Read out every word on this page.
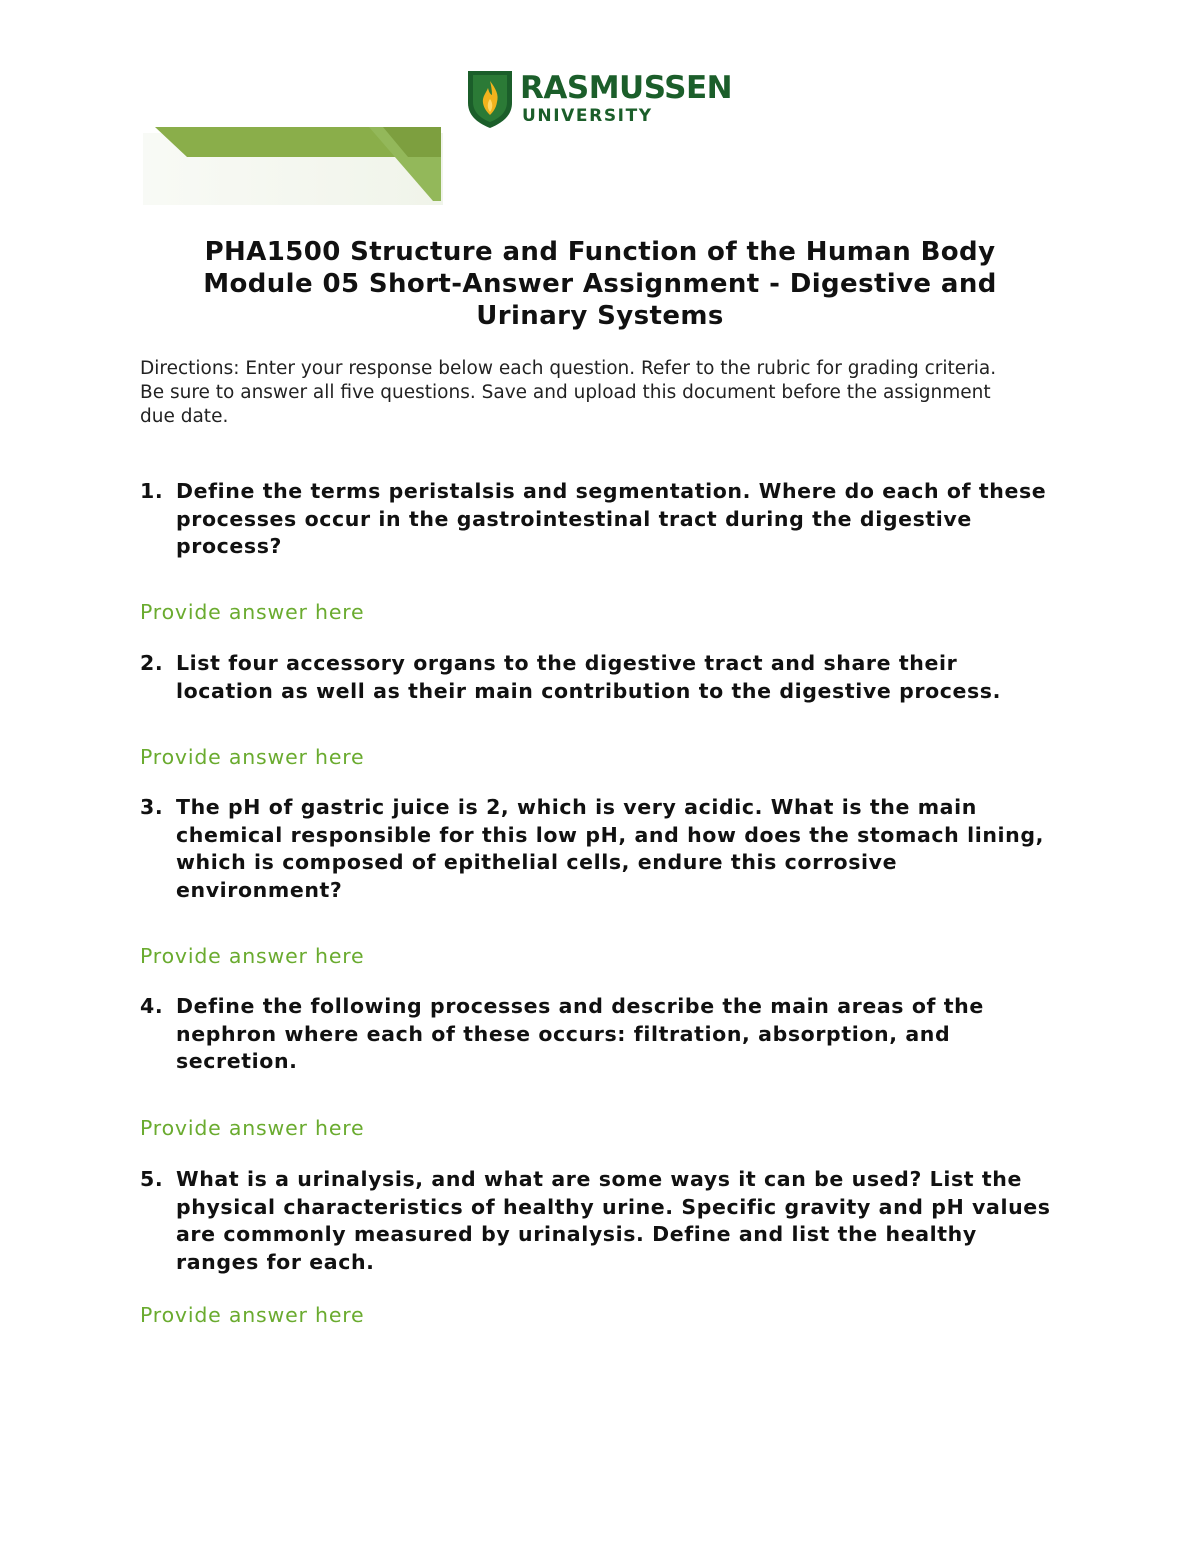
RASMUSSEN
UNIVERSITY
PHA1500 Structure and Function of the Human Body
Module 05 Short-Answer Assignment - Digestive and
Urinary Systems
Directions: Enter your response below each question. Refer to the rubric for grading criteria.
Be sure to answer all five questions. Save and upload this document before the assignment
due date.
1. Define the terms peristalsis and segmentation. Where do each of these
processes occur in the gastrointestinal tract during the digestive
process?
Provide answer here
2. List four accessory organs to the digestive tract and share their
location as well as their main contribution to the digestive process.
Provide answer here
3. The pH of gastric juice is 2, which is very acidic. What is the main
chemical responsible for this low pH, and how does the stomach lining,
which is composed of epithelial cells, endure this corrosive
environment?
Provide answer here
4. Define the following processes and describe the main areas of the
nephron where each of these occurs: filtration, absorption, and
secretion.
Provide answer here
5. What is a urinalysis, and what are some ways it can be used? List the
physical characteristics of healthy urine. Specific gravity and pH values
are commonly measured by urinalysis. Define and list the healthy
ranges for each.
Provide answer here
